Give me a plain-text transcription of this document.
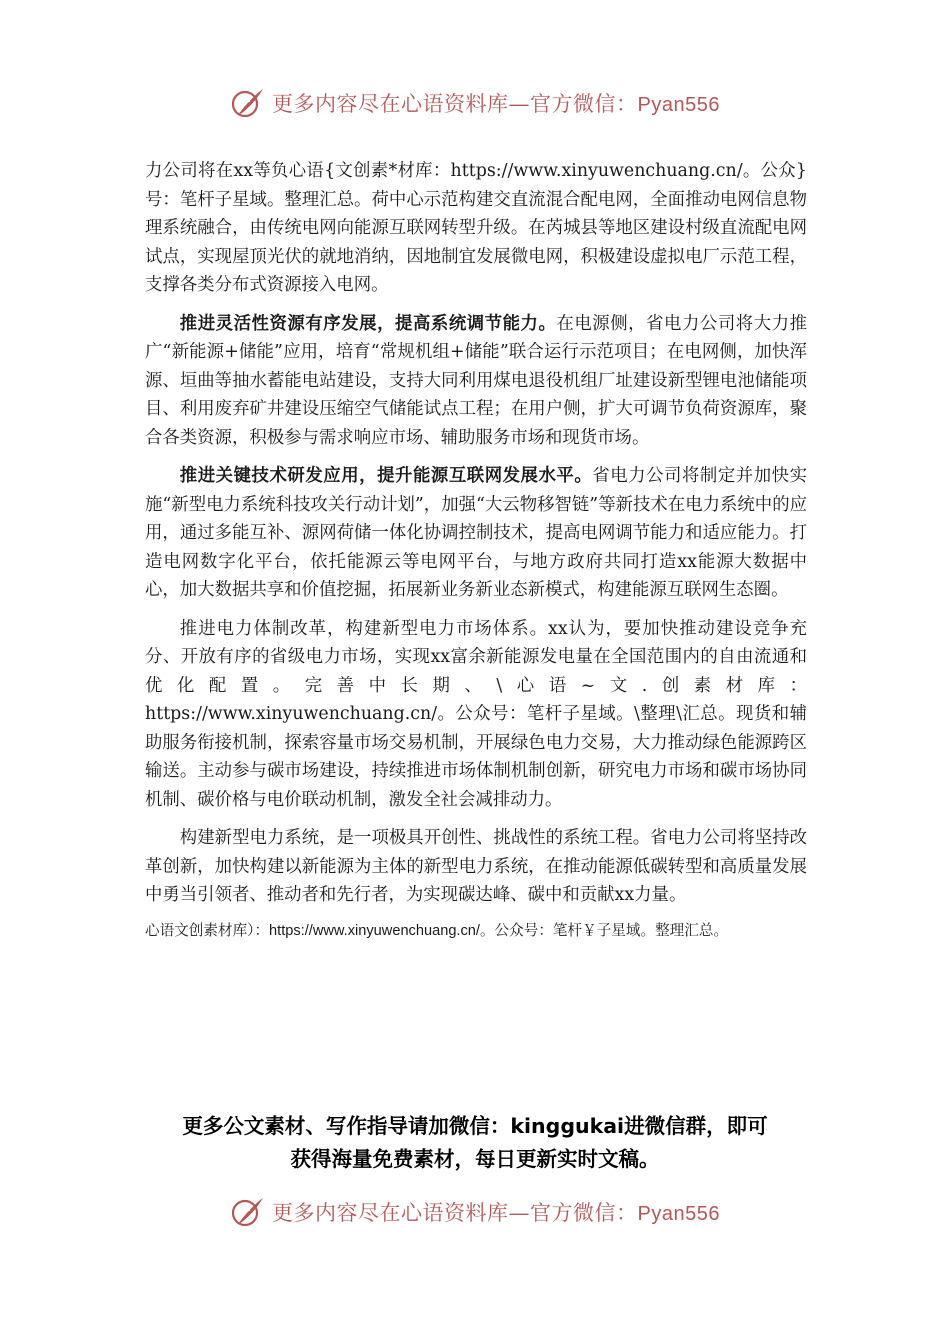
更多内容尽在心语资料库—官方微信：Pyan556

力公司将在xx等负心语{文创素*材库：https://www.xinyuwenchuang.cn/。公众}号：笔杆子星域。整理汇总。荷中心示范构建交直流混合配电网，全面推动电网信息物理系统融合，由传统电网向能源互联网转型升级。在芮城县等地区建设村级直流配电网试点，实现屋顶光伏的就地消纳，因地制宜发展微电网，积极建设虚拟电厂示范工程，支撑各类分布式资源接入电网。

推进灵活性资源有序发展，提高系统调节能力。在电源侧，省电力公司将大力推广“新能源+储能”应用，培育“常规机组+储能”联合运行示范项目；在电网侧，加快浑源、垣曲等抽水蓄能电站建设，支持大同利用煤电退役机组厂址建设新型锂电池储能项目、利用废弃矿井建设压缩空气储能试点工程；在用户侧，扩大可调节负荷资源库，聚合各类资源，积极参与需求响应市场、辅助服务市场和现货市场。

推进关键技术研发应用，提升能源互联网发展水平。省电力公司将制定并加快实施“新型电力系统科技攻关行动计划”，加强“大云物移智链”等新技术在电力系统中的应用，通过多能互补、源网荷储一体化协调控制技术，提高电网调节能力和适应能力。打造电网数字化平台，依托能源云等电网平台，与地方政府共同打造xx能源大数据中心，加大数据共享和价值挖掘，拓展新业务新业态新模式，构建能源互联网生态圈。

推进电力体制改革，构建新型电力市场体系。xx认为，要加快推动建设竞争充分、开放有序的省级电力市场，实现xx富余新能源发电量在全国范围内的自由流通和优化配置。完善中长期、\心语~文.创素材库：https://www.xinyuwenchuang.cn/。公众号：笔杆子星域。\整理\汇总。现货和辅助服务衔接机制，探索容量市场交易机制，开展绿色电力交易，大力推动绿色能源跨区输送。主动参与碳市场建设，持续推进市场体制机制创新，研究电力市场和碳市场协同机制、碳价格与电价联动机制，激发全社会减排动力。

构建新型电力系统，是一项极具开创性、挑战性的系统工程。省电力公司将坚持改革创新，加快构建以新能源为主体的新型电力系统，在推动能源低碳转型和高质量发展中勇当引领者、推动者和先行者，为实现碳达峰、碳中和贡献xx力量。

心语文创素材库）：https://www.xinyuwenchuang.cn/。公众号：笔杆￥子星域。整理汇总。

更多公文素材、写作指导请加微信：kinggukai进微信群，即可
获得海量免费素材，每日更新实时文稿。
更多内容尽在心语资料库—官方微信：Pyan556
